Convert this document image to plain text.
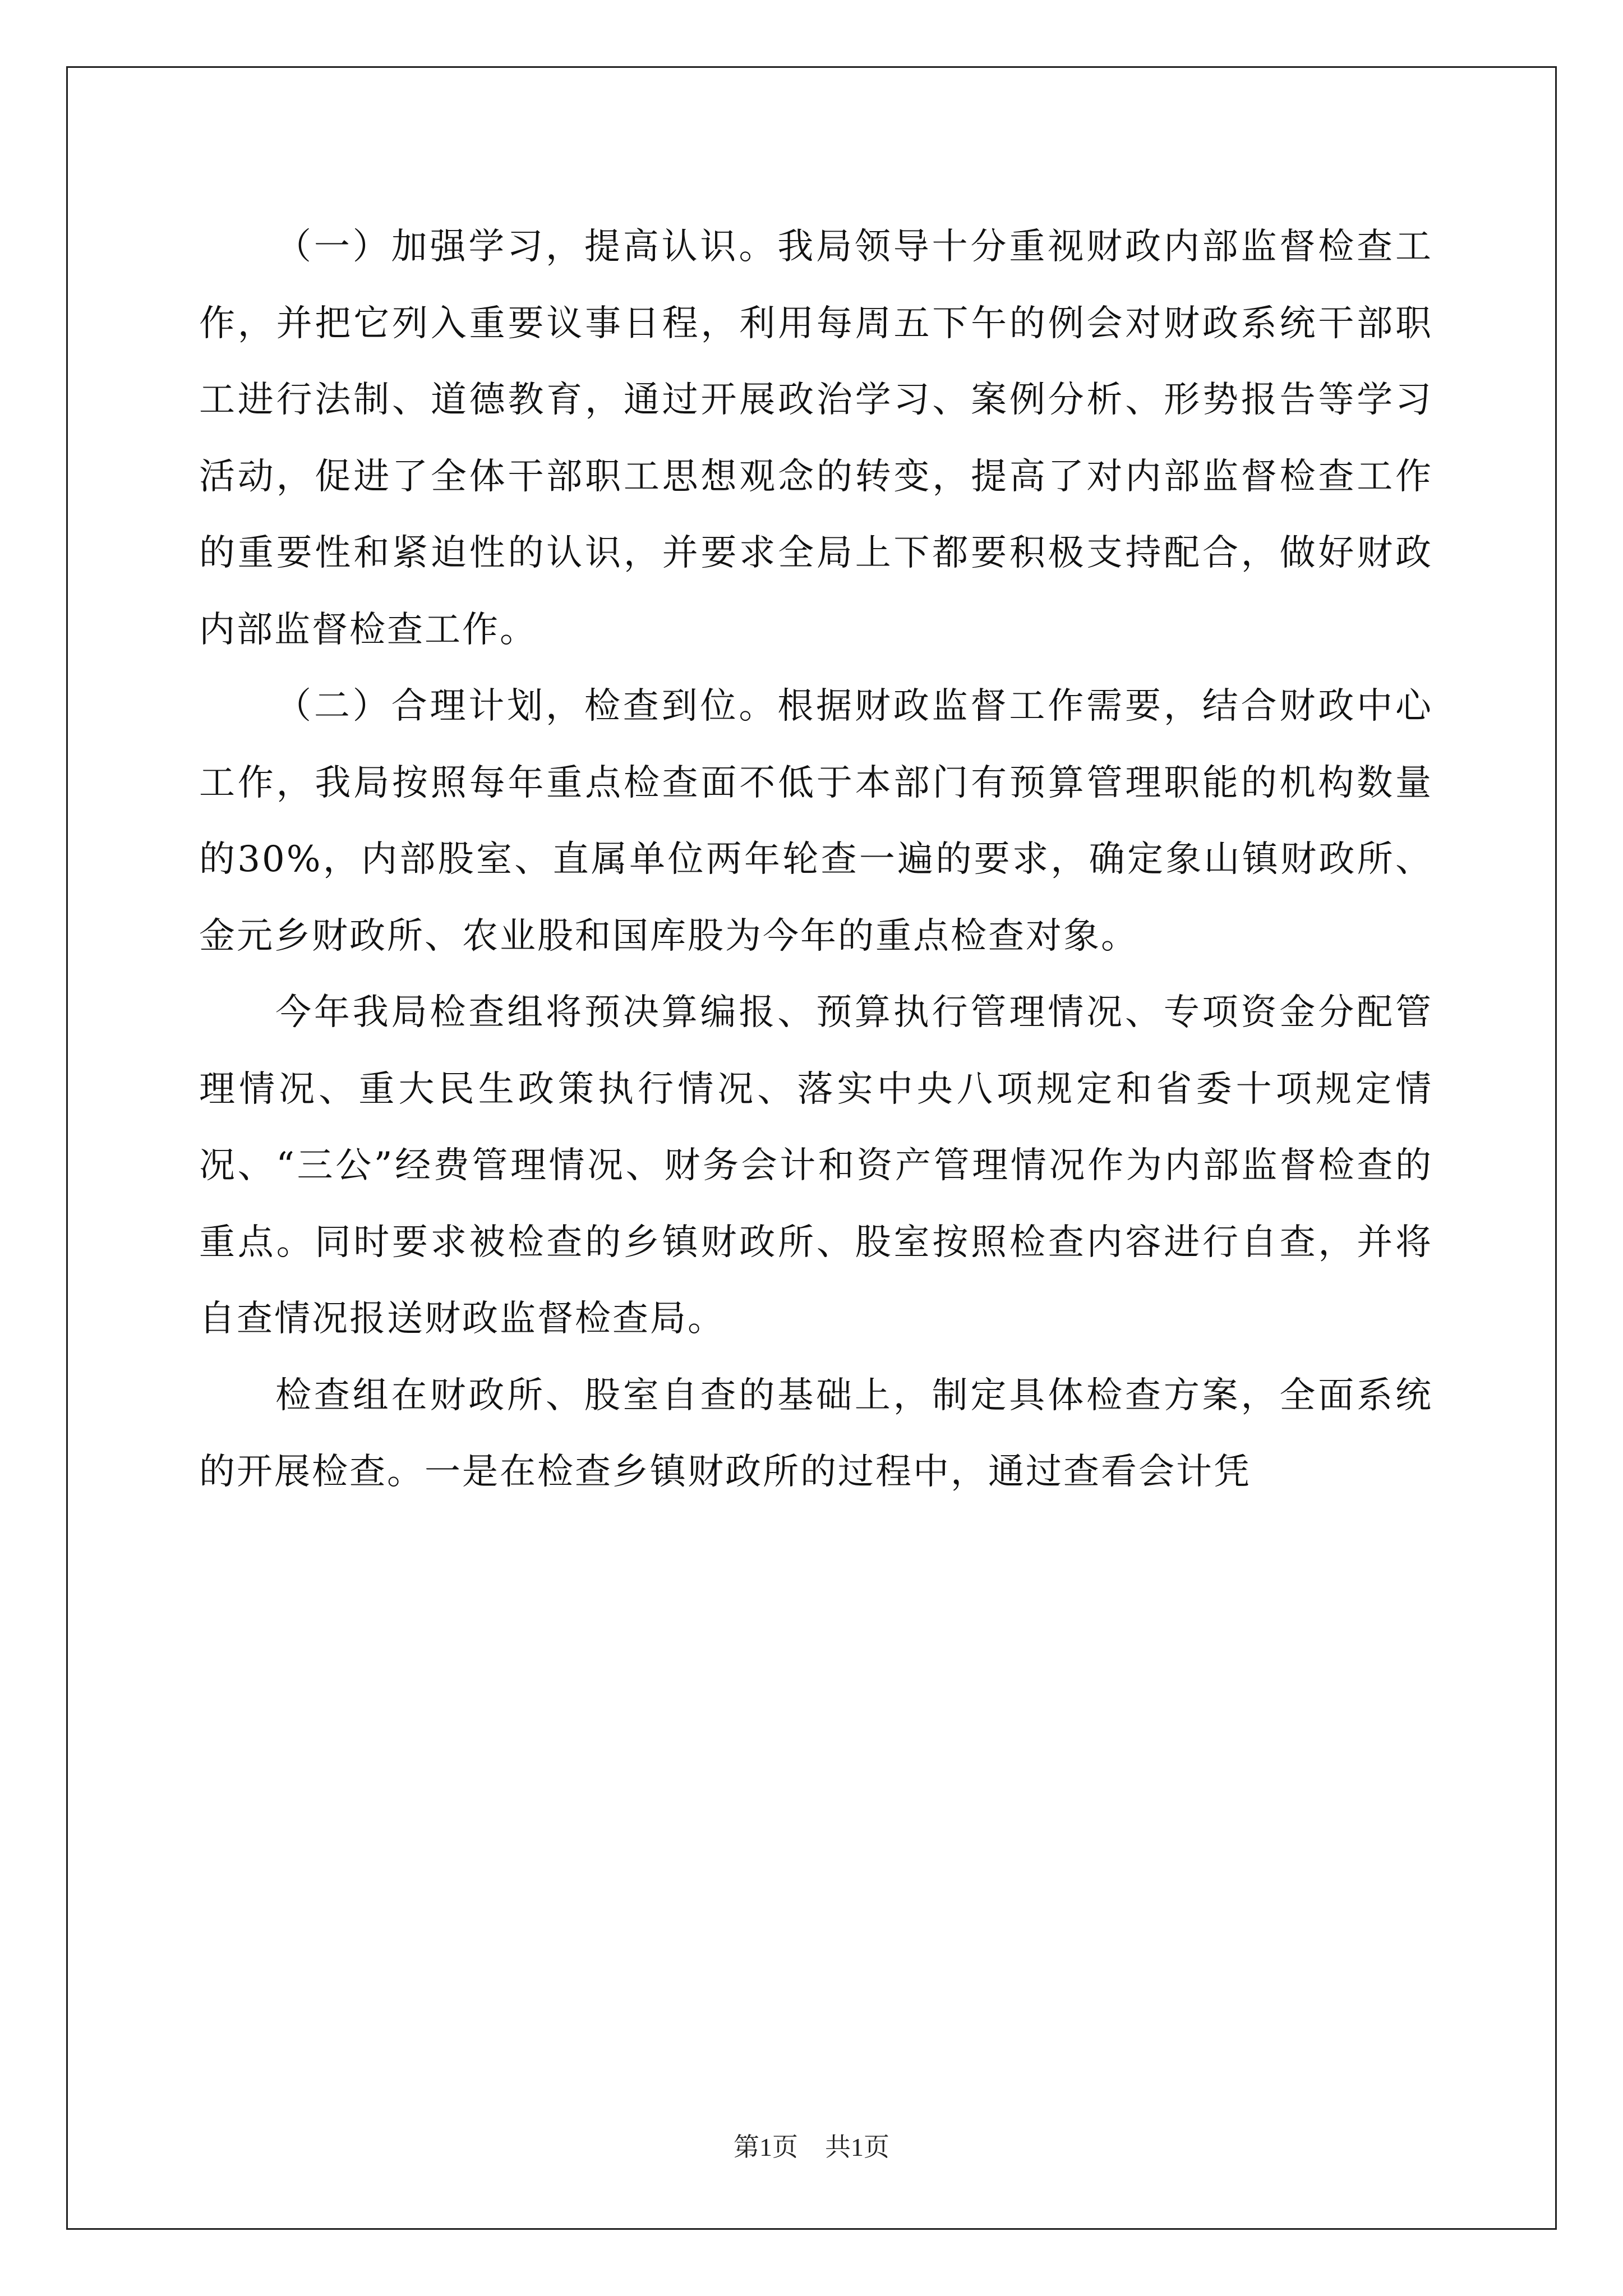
（一）加强学习，提高认识。我局领导十分重视财政内部监督检查工作，并把它列入重要议事日程，利用每周五下午的例会对财政系统干部职工进行法制、道德教育，通过开展政治学习、案例分析、形势报告等学习活动，促进了全体干部职工思想观念的转变，提高了对内部监督检查工作的重要性和紧迫性的认识，并要求全局上下都要积极支持配合，做好财政内部监督检查工作。

（二）合理计划，检查到位。根据财政监督工作需要，结合财政中心工作，我局按照每年重点检查面不低于本部门有预算管理职能的机构数量的30%，内部股室、直属单位两年轮查一遍的要求，确定象山镇财政所、金元乡财政所、农业股和国库股为今年的重点检查对象。

今年我局检查组将预决算编报、预算执行管理情况、专项资金分配管理情况、重大民生政策执行情况、落实中央八项规定和省委十项规定情况、“三公”经费管理情况、财务会计和资产管理情况作为内部监督检查的重点。同时要求被检查的乡镇财政所、股室按照检查内容进行自查，并将自查情况报送财政监督检查局。

检查组在财政所、股室自查的基础上，制定具体检查方案，全面系统的开展检查。一是在检查乡镇财政所的过程中，通过查看会计凭

第1页 共1页
